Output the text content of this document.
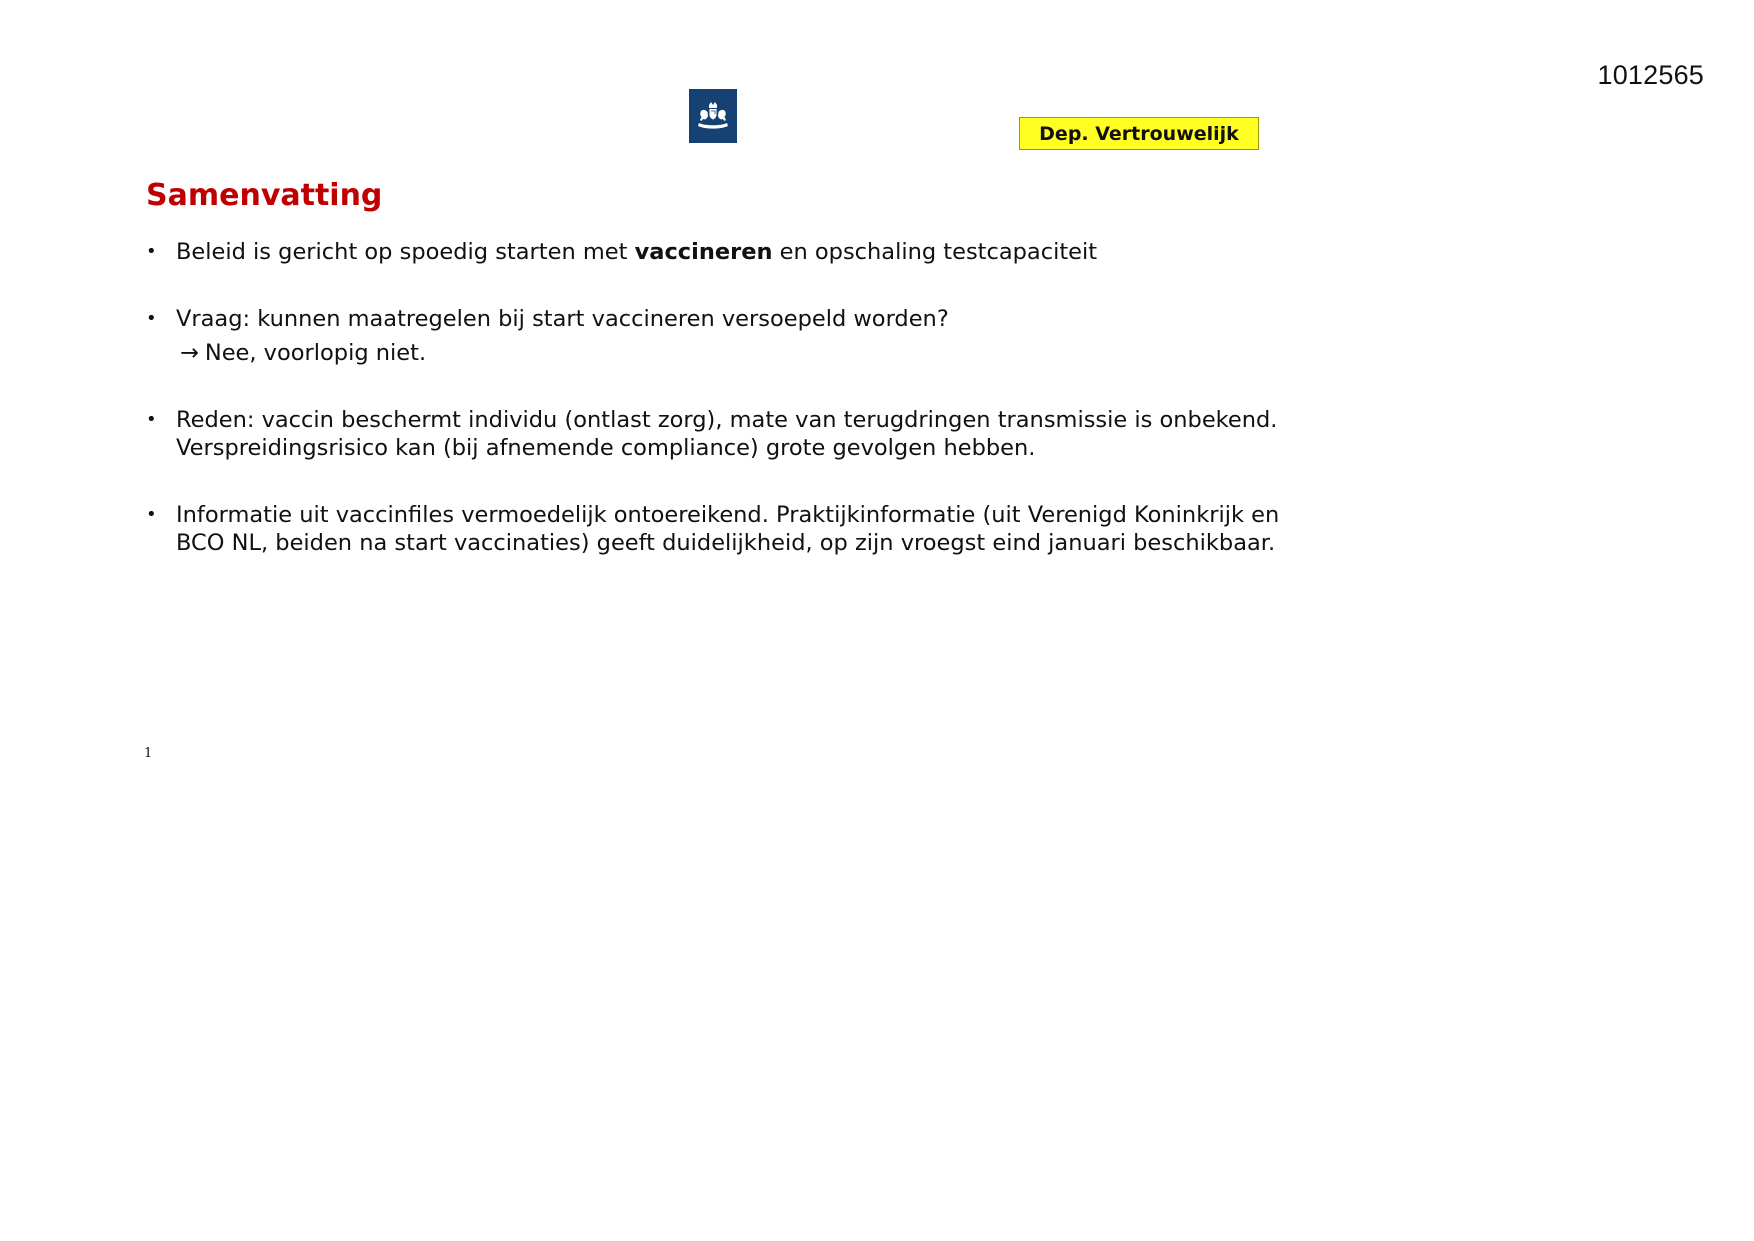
1012565
Dep. Vertrouwelijk
Samenvatting
• Beleid is gericht op spoedig starten met vaccineren en opschaling testcapaciteit
• Vraag: kunnen maatregelen bij start vaccineren versoepeld worden?
→ Nee, voorlopig niet.
• Reden: vaccin beschermt individu (ontlast zorg), mate van terugdringen transmissie is onbekend. Verspreidingsrisico kan (bij afnemende compliance) grote gevolgen hebben.
• Informatie uit vaccinfiles vermoedelijk ontoereikend. Praktijkinformatie (uit Verenigd Koninkrijk en BCO NL, beiden na start vaccinaties) geeft duidelijkheid, op zijn vroegst eind januari beschikbaar.
1
